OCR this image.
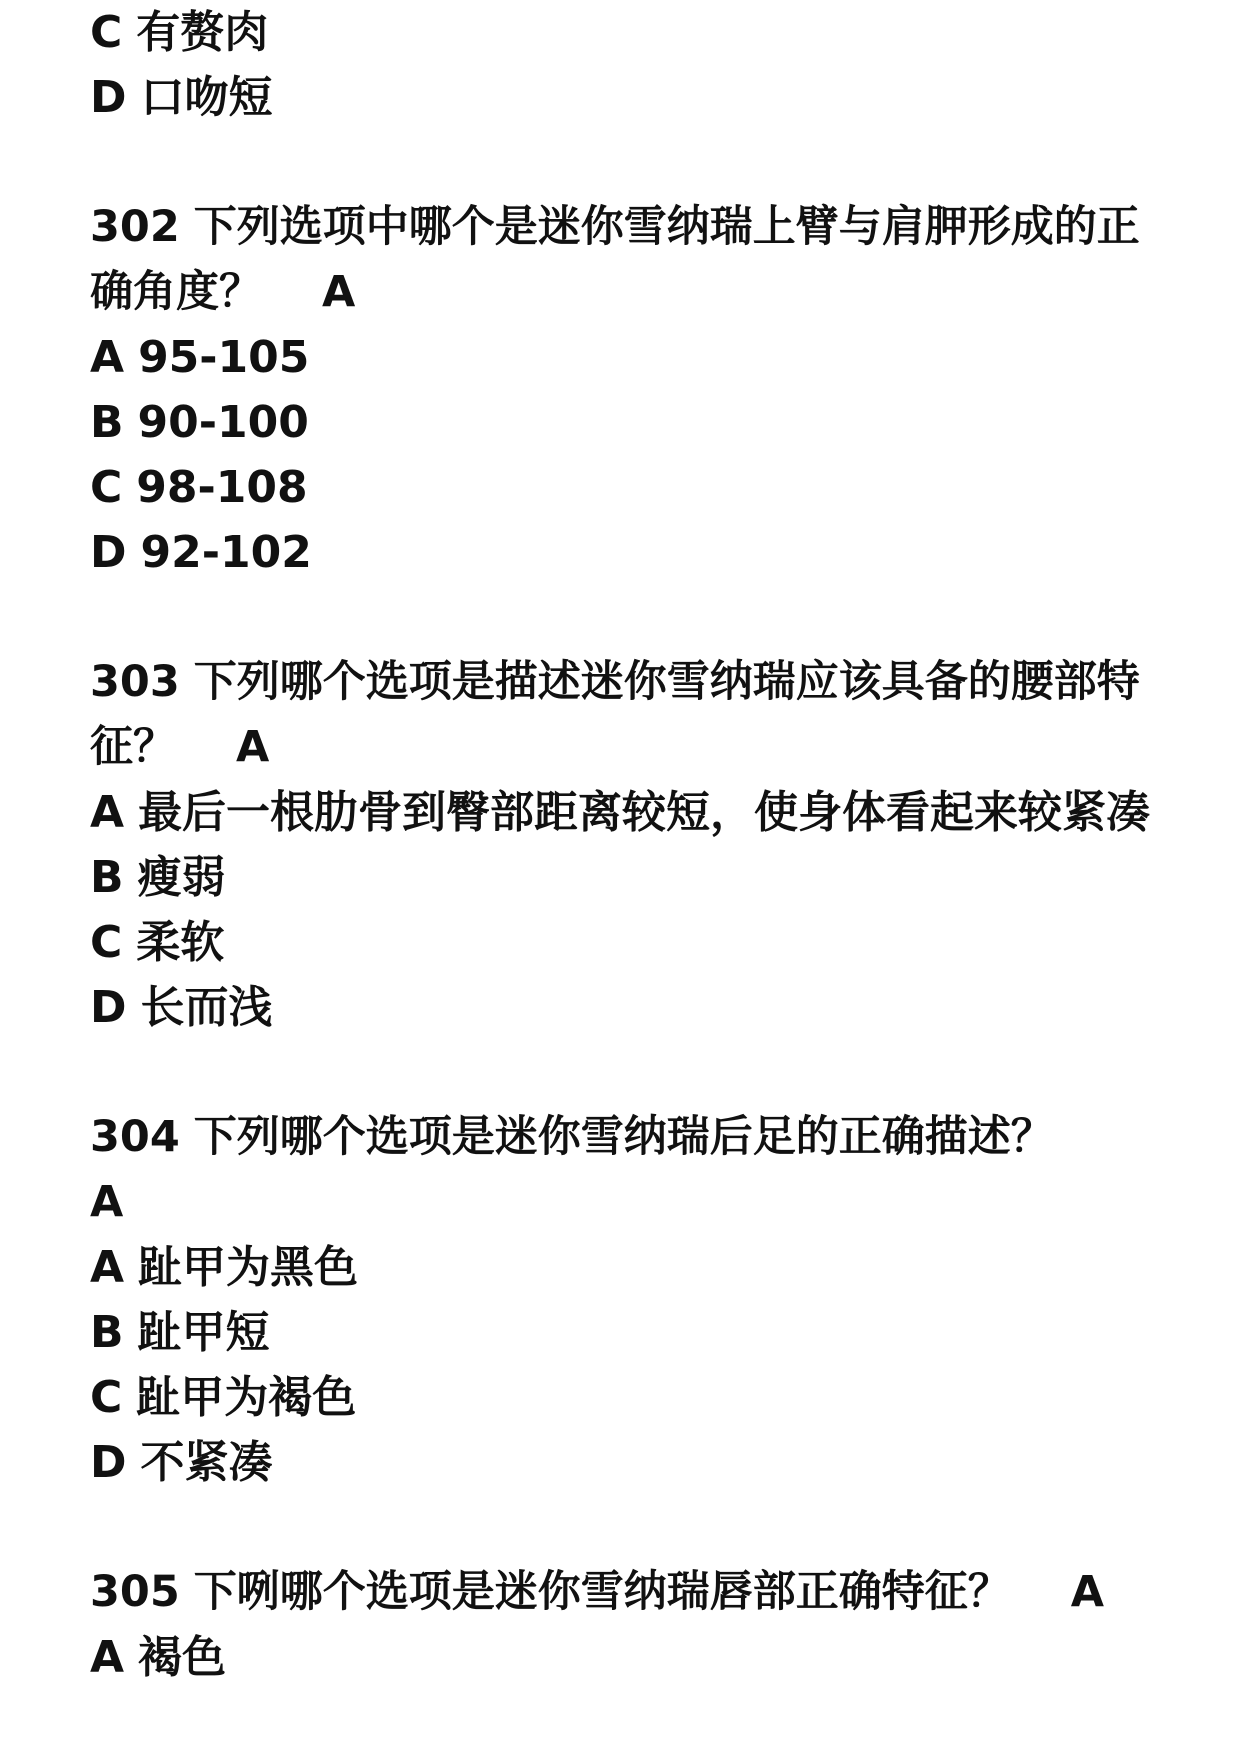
C 有赘肉
D 口吻短
302 下列选项中哪个是迷你雪纳瑞上臂与肩胛形成的正确角度？ A
A 95-105
B 90-100
C 98-108
D 92-102
303 下列哪个选项是描述迷你雪纳瑞应该具备的腰部特征？ A
A 最后一根肋骨到臀部距离较短，使身体看起来较紧凑
B 瘦弱
C 柔软
D 长而浅
304 下列哪个选项是迷你雪纳瑞后足的正确描述？
A
A 趾甲为黑色
B 趾甲短
C 趾甲为褐色
D 不紧凑
305 下咧哪个选项是迷你雪纳瑞唇部正确特征？ A
A 褐色
